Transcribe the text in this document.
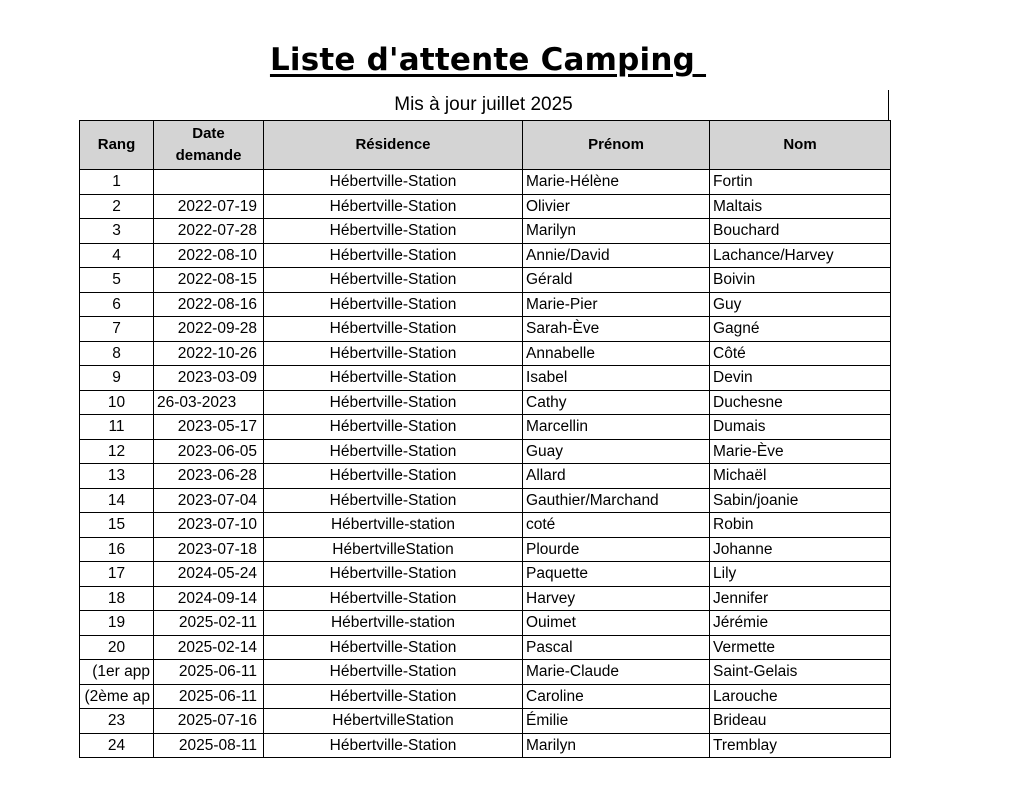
Liste d'attente Camping
Mis à jour juillet 2025
Rang	Date
demande	Résidence	Prénom	Nom
1		Hébertville-Station	Marie-Hélène	Fortin
2	2022-07-19	Hébertville-Station	Olivier	Maltais
3	2022-07-28	Hébertville-Station	Marilyn	Bouchard
4	2022-08-10	Hébertville-Station	Annie/David	Lachance/Harvey
5	2022-08-15	Hébertville-Station	Gérald	Boivin
6	2022-08-16	Hébertville-Station	Marie-Pier	Guy
7	2022-09-28	Hébertville-Station	Sarah-Ève	Gagné
8	2022-10-26	Hébertville-Station	Annabelle	Côté
9	2023-03-09	Hébertville-Station	Isabel	Devin
10	26-03-2023	Hébertville-Station	Cathy	Duchesne
11	2023-05-17	Hébertville-Station	Marcellin	Dumais
12	2023-06-05	Hébertville-Station	Guay	Marie-Ève
13	2023-06-28	Hébertville-Station	Allard	Michaël
14	2023-07-04	Hébertville-Station	Gauthier/Marchand	Sabin/joanie
15	2023-07-10	Hébertville-station	coté	Robin
16	2023-07-18	HébertvilleStation	Plourde	Johanne
17	2024-05-24	Hébertville-Station	Paquette	Lily
18	2024-09-14	Hébertville-Station	Harvey	Jennifer
19	2025-02-11	Hébertville-station	Ouimet	Jérémie
20	2025-02-14	Hébertville-Station	Pascal	Vermette
(1er app	2025-06-11	Hébertville-Station	Marie-Claude	Saint-Gelais
(2ème ap	2025-06-11	Hébertville-Station	Caroline	Larouche
23	2025-07-16	HébertvilleStation	Émilie	Brideau
24	2025-08-11	Hébertville-Station	Marilyn	Tremblay
